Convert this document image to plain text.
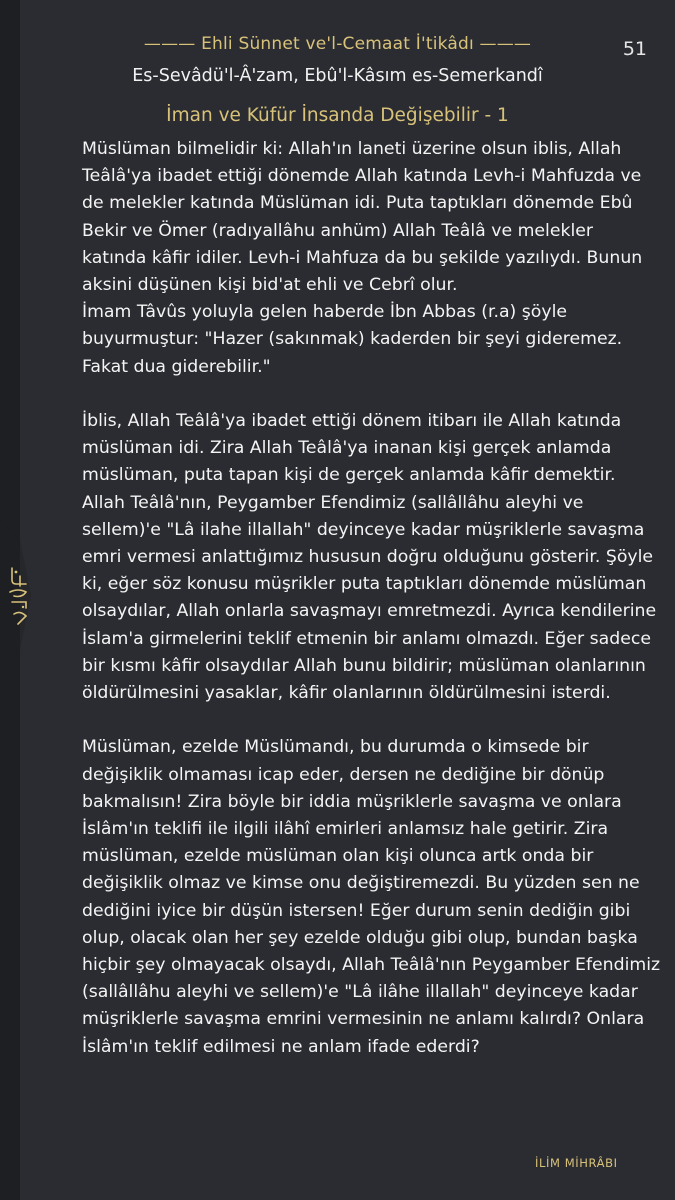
——— Ehli Sünnet ve'l-Cemaat İ'tikâdı ———	51
Es-Sevâdü'l-Â'zam, Ebû'l-Kâsım es-Semerkandî
İman ve Küfür İnsanda Değişebilir - 1

Müslüman bilmelidir ki: Allah'ın laneti üzerine olsun iblis, Allah Teâlâ'ya ibadet ettiği dönemde Allah katında Levh-i Mahfuzda ve de melekler katında Müslüman idi. Puta taptıkları dönemde Ebû Bekir ve Ömer (radıyallâhu anhüm) Allah Teâlâ ve melekler katında kâfir idiler. Levh-i Mahfuza da bu şekilde yazılıydı. Bunun aksini düşünen kişi bid'at ehli ve Cebrî olur.

İmam Tâvûs yoluyla gelen haberde İbn Abbas (r.a) şöyle buyurmuştur: "Hazer (sakınmak) kaderden bir şeyi gideremez. Fakat dua giderebilir."

İblis, Allah Teâlâ'ya ibadet ettiği dönem itibarı ile Allah katında müslüman idi. Zira Allah Teâlâ'ya inanan kişi gerçek anlamda müslüman, puta tapan kişi de gerçek anlamda kâfir demektir. Allah Teâlâ'nın, Peygamber Efendimiz (sallâllâhu aleyhi ve sellem)'e "Lâ ilahe illallah" deyinceye kadar müşriklerle savaşma emri vermesi anlattığımız hususun doğru olduğunu gösterir. Şöyle ki, eğer söz konusu müşrikler puta taptıkları dönemde müslüman olsaydılar, Allah onlarla savaşmayı emretmezdi. Ayrıca kendilerine İslam'a girmelerini teklif etmenin bir anlamı olmazdı. Eğer sadece bir kısmı kâfir olsaydılar Allah bunu bildirir; müslüman olanlarının öldürülmesini yasaklar, kâfir olanlarının öldürülmesini isterdi.

Müslüman, ezelde Müslümandı, bu durumda o kimsede bir değişiklik olmaması icap eder, dersen ne dediğine bir dönüp bakmalısın! Zira böyle bir iddia müşriklerle savaşma ve onlara İslâm'ın teklifi ile ilgili ilâhî emirleri anlamsız hale getirir. Zira müslüman, ezelde müslüman olan kişi olunca artk onda bir değişiklik olmaz ve kimse onu değiştiremezdi. Bu yüzden sen ne dediğini iyice bir düşün istersen! Eğer durum senin dediğin gibi olup, olacak olan her şey ezelde olduğu gibi olup, bundan başka hiçbir şey olmayacak olsaydı, Allah Teâlâ'nın Peygamber Efendimiz (sallâllâhu aleyhi ve sellem)'e "Lâ ilâhe illallah" deyinceye kadar müşriklerle savaşma emrini vermesinin ne anlamı kalırdı? Onlara İslâm'ın teklif edilmesi ne anlam ifade ederdi?

İLİM MİHRÂBI
